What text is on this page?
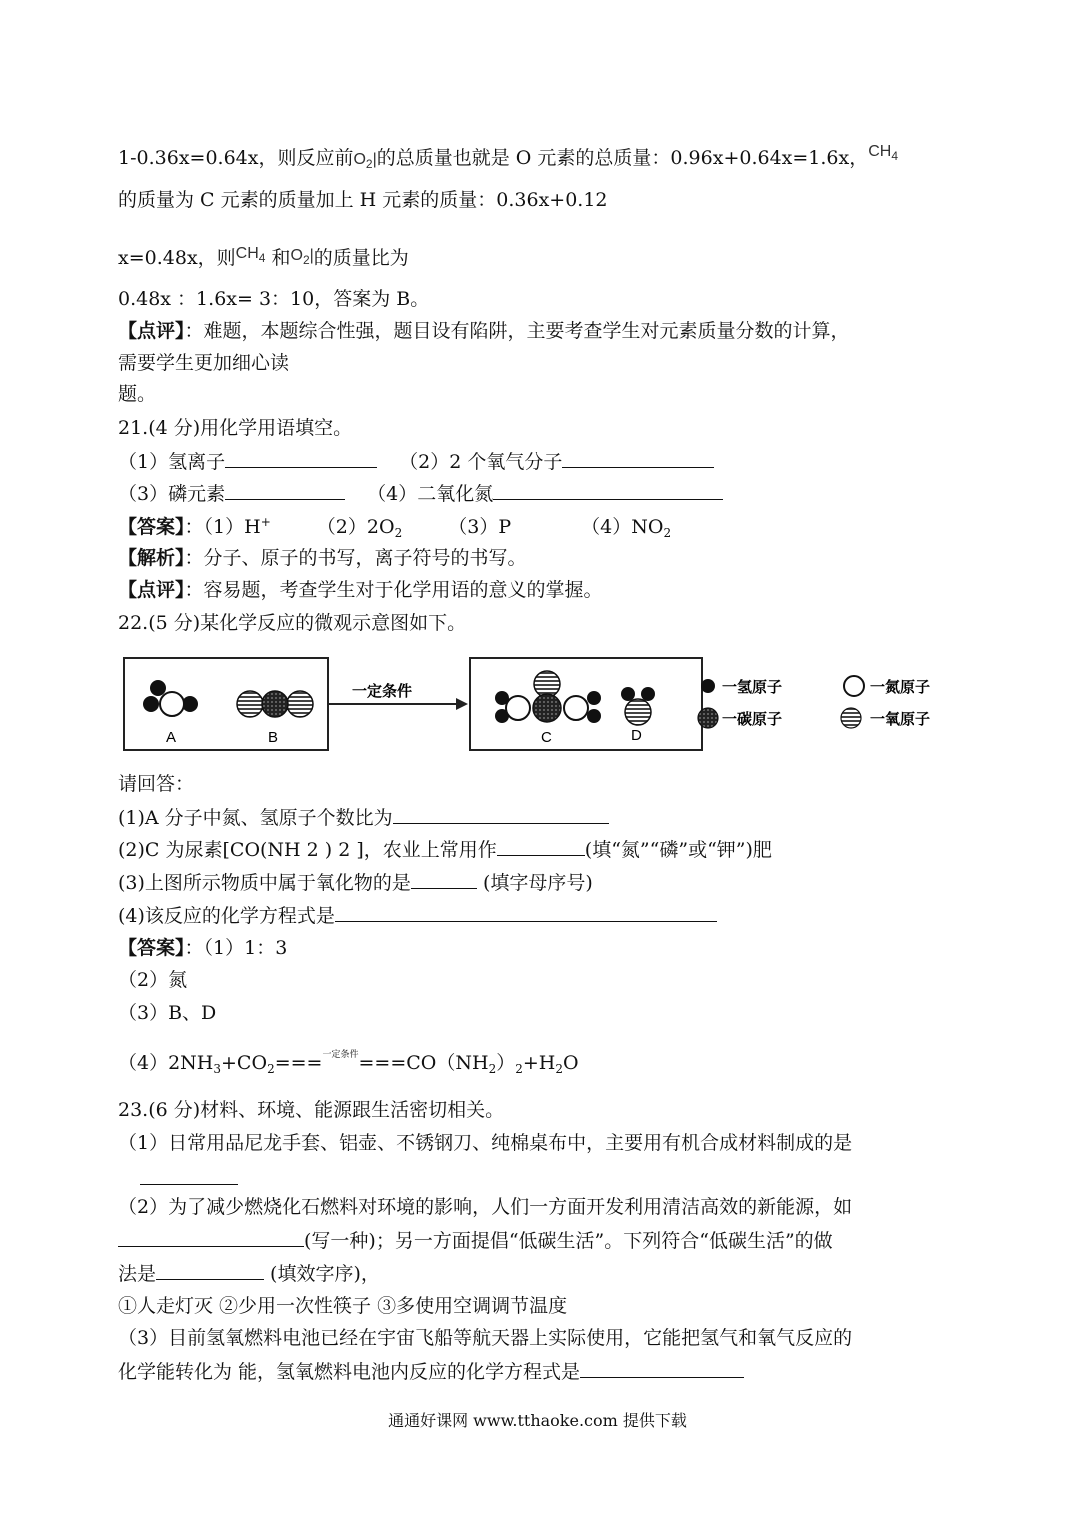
1-0.36x=0.64x，则反应前$O_2|$的总质量也就是 O 元素的总质量：0.96x+0.64x=1.6x，$^{CH_4}$
的质量为 C 元素的质量加上 H 元素的质量：0.36x+0.12
x=0.48x，则$^{CH_4}$ 和$^{O_2|}$的质量比为
0.48x ：1.6x= 3：10，答案为 B。
【点评】：难题，本题综合性强，题目设有陷阱，主要考查学生对元素质量分数的计算，
需要学生更加细心读
题。
21.(4 分)用化学用语填空。
（1）氢离子	（2）2 个氧气分子
（3）磷元素	（4）二氧化氮
【答案】：（1）H+ $(2)2O_2$ （3）P	$(4)NO_2$
【解析】：分子、原子的书写，离子符号的书写。
【点评】：容易题，考查学生对于化学用语的意义的掌握。
22.(5 分)某化学反应的微观示意图如下。
A	B
一定条件
C	D
一氢原子	一氮原子
一碳原子	一氧原子
请回答：
(1)A 分子中氮、氢原子个数比为
(2)C 为尿素[CO(NH 2 ) 2 ]，农业上常用作	(填“氮”“磷”或“钾”)肥
(3)上图所示物质中属于氧化物的是	(填字母序号)
(4)该反应的化学方程式是
【答案】：（1）1：3
（2）氮
（3）B、D
$(4)2NH_3+CO_2===^{一定条件}===CO(NH_2)_2+H_2O$
23.(6 分)材料、环境、能源跟生活密切相关。
（1）日常用品尼龙手套、铝壶、不锈钢刀、纯棉桌布中，主要用有机合成材料制成的是
（2）为了减少燃烧化石燃料对环境的影响，人们一方面开发利用清洁高效的新能源，如
(写一种)；另一方面提倡“低碳生活”。下列符合“低碳生活”的做
法是	(填效字序)，
①人走灯灭 ②少用一次性筷子 ③多使用空调调节温度
（3）目前氢氧燃料电池已经在宇宙飞船等航天器上实际使用，它能把氢气和氧气反应的
化学能转化为 能，氢氧燃料电池内反应的化学方程式是
通通好课网 www.tthaoke.com 提供下载
